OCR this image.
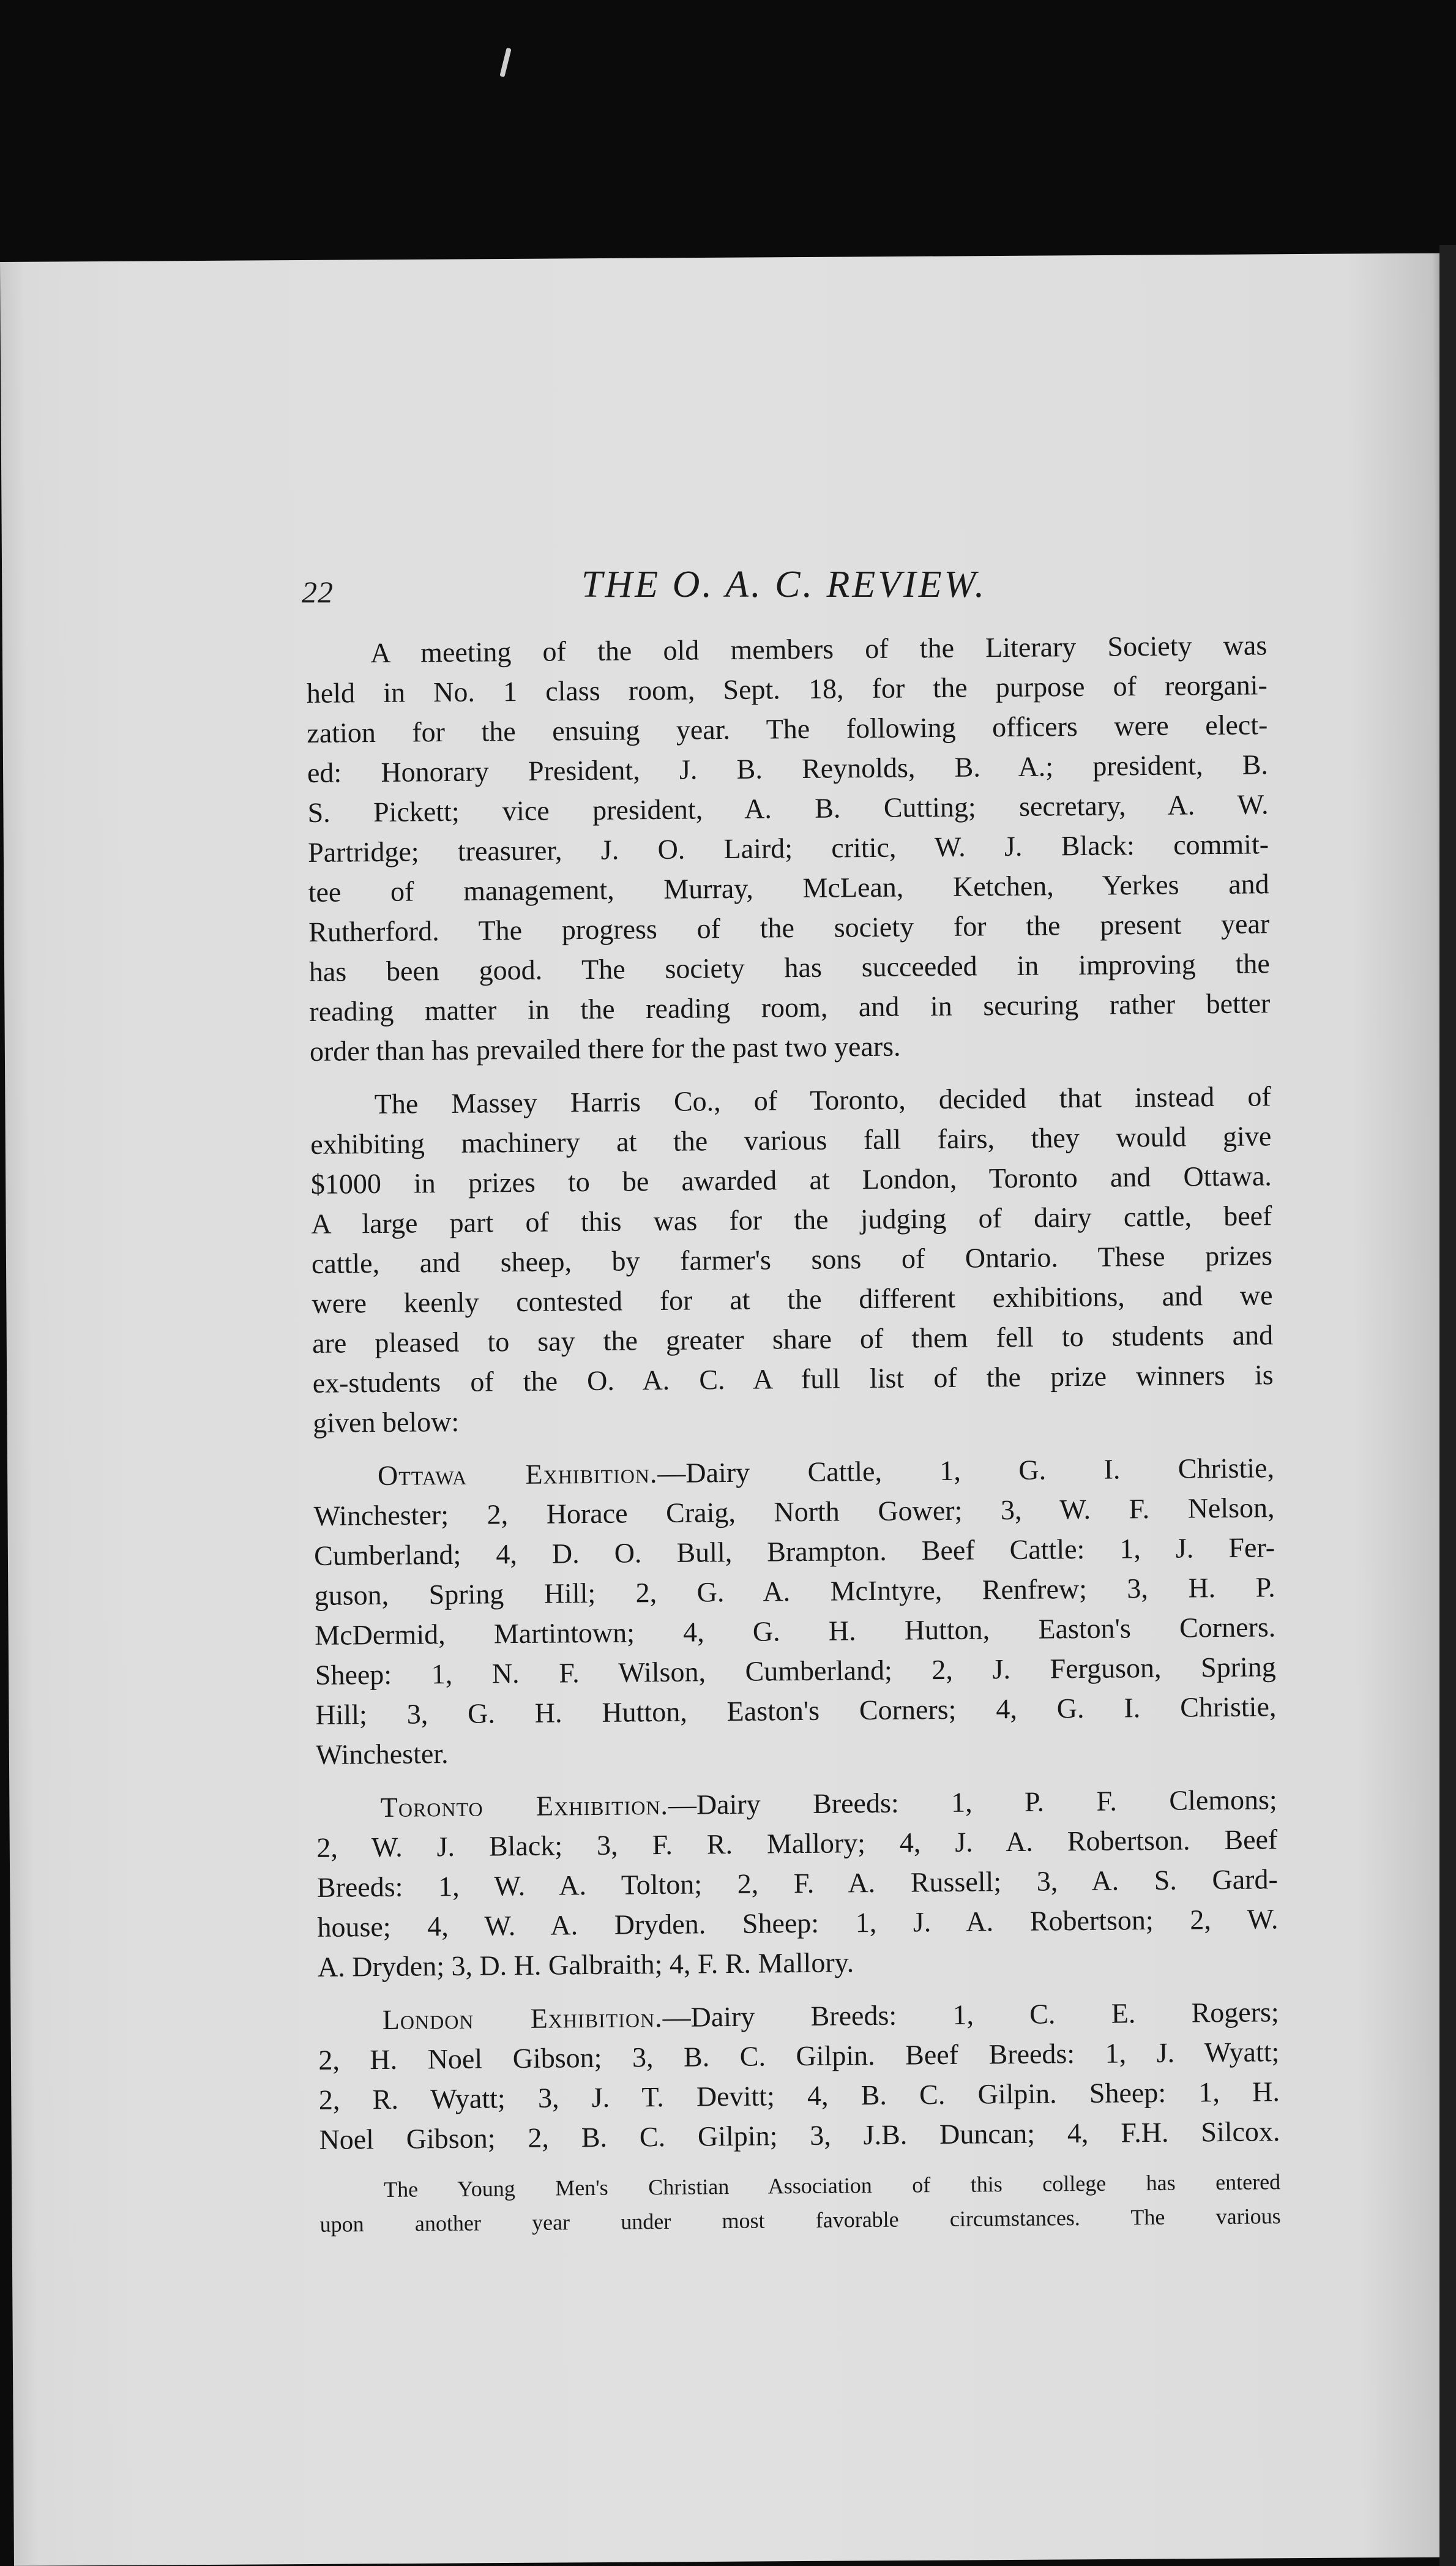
22	THE O. A. C. REVIEW.
A meeting of the old members of the Literary Society was
held in No. 1 class room, Sept. 18, for the purpose of reorgani-
zation for the ensuing year. The following officers were elect-
ed: Honorary President, J. B. Reynolds, B. A.; president, B.
S. Pickett; vice president, A. B. Cutting; secretary, A. W.
Partridge; treasurer, J. O. Laird; critic, W. J. Black: commit-
tee of management, Murray, McLean, Ketchen, Yerkes and
Rutherford. The progress of the society for the present year
has been good. The society has succeeded in improving the
reading matter in the reading room, and in securing rather better
order than has prevailed there for the past two years.
The Massey Harris Co., of Toronto, decided that instead of
exhibiting machinery at the various fall fairs, they would give
$1000 in prizes to be awarded at London, Toronto and Ottawa.
A large part of this was for the judging of dairy cattle, beef
cattle, and sheep, by farmer's sons of Ontario. These prizes
were keenly contested for at the different exhibitions, and we
are pleased to say the greater share of them fell to students and
ex-students of the O. A. C. A full list of the prize winners is
given below:
Ottawa Exhibition.—Dairy Cattle, 1, G. I. Christie,
Winchester; 2, Horace Craig, North Gower; 3, W. F. Nelson,
Cumberland; 4, D. O. Bull, Brampton. Beef Cattle: 1, J. Fer-
guson, Spring Hill; 2, G. A. McIntyre, Renfrew; 3, H. P.
McDermid, Martintown; 4, G. H. Hutton, Easton's Corners.
Sheep: 1, N. F. Wilson, Cumberland; 2, J. Ferguson, Spring
Hill; 3, G. H. Hutton, Easton's Corners; 4, G. I. Christie,
Winchester.
Toronto Exhibition.—Dairy Breeds: 1, P. F. Clemons;
2, W. J. Black; 3, F. R. Mallory; 4, J. A. Robertson. Beef
Breeds: 1, W. A. Tolton; 2, F. A. Russell; 3, A. S. Gard-
house; 4, W. A. Dryden. Sheep: 1, J. A. Robertson; 2, W.
A. Dryden; 3, D. H. Galbraith; 4, F. R. Mallory.
London Exhibition.—Dairy Breeds: 1, C. E. Rogers;
2, H. Noel Gibson; 3, B. C. Gilpin. Beef Breeds: 1, J. Wyatt;
2, R. Wyatt; 3, J. T. Devitt; 4, B. C. Gilpin. Sheep: 1, H.
Noel Gibson; 2, B. C. Gilpin; 3, J.B. Duncan; 4, F.H. Silcox.
The Young Men's Christian Association of this college has entered
upon another year under most favorable circumstances. The various
